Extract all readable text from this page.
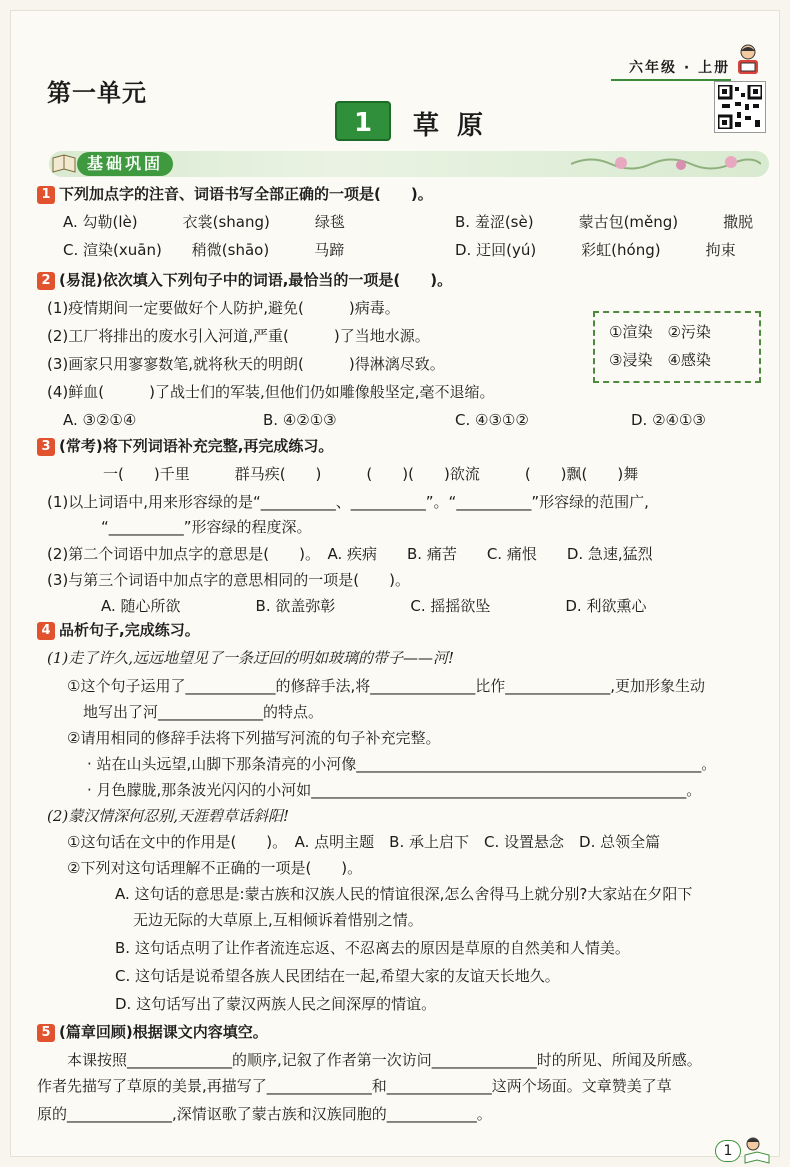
第一单元
六年级 · 上册
1	草原
基础巩固
1 下列加点字的注音、词语书写全部正确的一项是(　　)。
A. 勾勒(lè)　　　衣裳(shang)　　　绿毯	B. 羞涩(sè)　　　蒙古包(měng)　　　撒脱
C. 渲染(xuān)　　稍微(shāo)　　　马蹄	D. 迂回(yú)　　　彩虹(hóng)　　　拘束
2 (易混)依次填入下列句子中的词语,最恰当的一项是(　　)。
(1)疫情期间一定要做好个人防护,避免(　　　)病毒。
(2)工厂将排出的废水引入河道,严重(　　　)了当地水源。
(3)画家只用寥寥数笔,就将秋天的明朗(　　　)得淋漓尽致。
(4)鲜血(　　　)了战士们的军装,但他们仍如雕像般坚定,毫不退缩。
①渲染　②污染
③浸染　④感染
A. ③②①④	B. ④②①③	C. ④③①②	D. ②④①③
3 (常考)将下列词语补充完整,再完成练习。
一(　　)千里　　　群马疾(　　)　　　(　　)(　　)欲流　　　(　　)飘(　　)舞
(1)以上词语中,用来形容绿的是“__________、__________”。“__________”形容绿的范围广,
“__________”形容绿的程度深。
(2)第二个词语中加点字的意思是(　　)。　A. 疾病　　B. 痛苦　　C. 痛恨　　D. 急速,猛烈
(3)与第三个词语中加点字的意思相同的一项是(　　)。
A. 随心所欲　　　　　B. 欲盖弥彰　　　　　C. 摇摇欲坠　　　　　D. 利欲熏心
4 品析句子,完成练习。
(1)走了许久,远远地望见了一条迂回的明如玻璃的带子——河!
①这个句子运用了____________的修辞手法,将______________比作______________,更加形象生动
地写出了河______________的特点。
②请用相同的修辞手法将下列描写河流的句子补充完整。
· 站在山头远望,山脚下那条清亮的小河像______________________________________________。
· 月色朦胧,那条波光闪闪的小河如__________________________________________________。
(2)蒙汉情深何忍别,天涯碧草话斜阳!
①这句话在文中的作用是(　　)。　A. 点明主题　B. 承上启下　C. 设置悬念　D. 总领全篇
②下列对这句话理解不正确的一项是(　　)。
A. 这句话的意思是:蒙古族和汉族人民的情谊很深,怎么舍得马上就分别?大家站在夕阳下
无边无际的大草原上,互相倾诉着惜别之情。
B. 这句话点明了让作者流连忘返、不忍离去的原因是草原的自然美和人情美。
C. 这句话是说希望各族人民团结在一起,希望大家的友谊天长地久。
D. 这句话写出了蒙汉两族人民之间深厚的情谊。
5 (篇章回顾)根据课文内容填空。
本课按照______________的顺序,记叙了作者第一次访问______________时的所见、所闻及所感。
作者先描写了草原的美景,再描写了______________和______________这两个场面。文章赞美了草
原的______________,深情讴歌了蒙古族和汉族同胞的____________。
1
